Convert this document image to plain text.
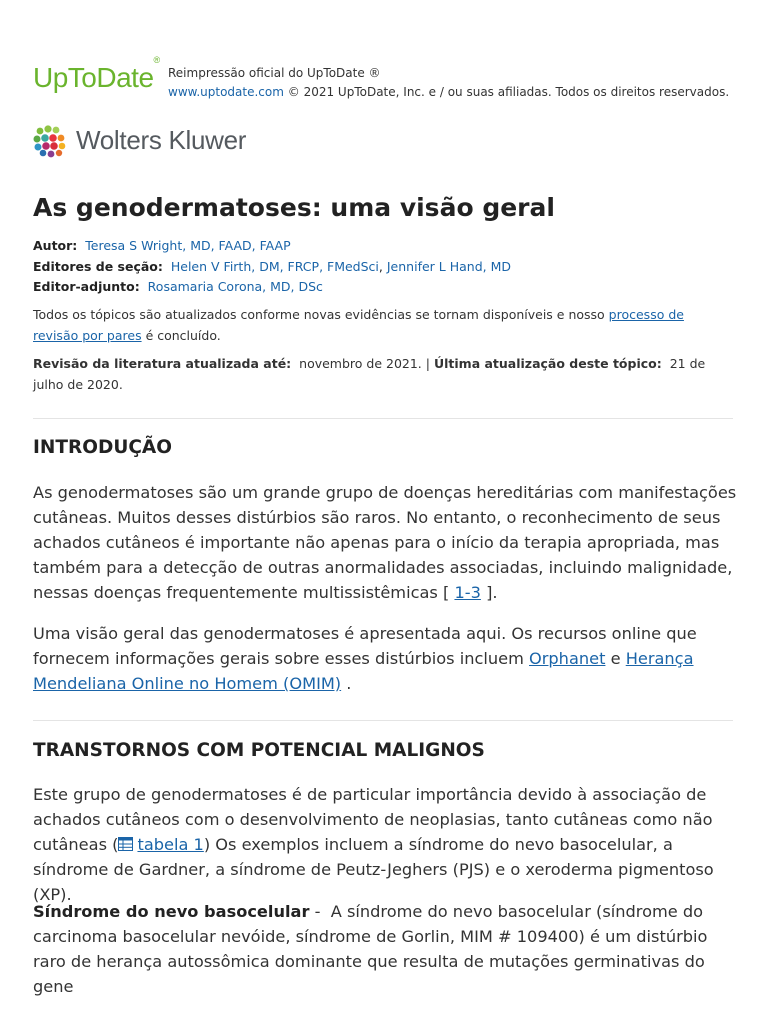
UpToDate®
Reimpressão oficial do UpToDate ®
www.uptodate.com © 2021 UpToDate, Inc. e / ou suas afiliadas. Todos os direitos reservados.
Wolters Kluwer
As genodermatoses: uma visão geral
Autor: Teresa S Wright, MD, FAAD, FAAP
Editores de seção: Helen V Firth, DM, FRCP, FMedSci, Jennifer L Hand, MD
Editor-adjunto: Rosamaria Corona, MD, DSc
Todos os tópicos são atualizados conforme novas evidências se tornam disponíveis e nosso processo de revisão por pares é concluído.
Revisão da literatura atualizada até: novembro de 2021. | Última atualização deste tópico: 21 de julho de 2020.
INTRODUÇÃO

As genodermatoses são um grande grupo de doenças hereditárias com manifestações cutâneas. Muitos desses distúrbios são raros. No entanto, o reconhecimento de seus achados cutâneos é importante não apenas para o início da terapia apropriada, mas também para a detecção de outras anormalidades associadas, incluindo malignidade, nessas doenças frequentemente multissistêmicas [ 1-3 ].

Uma visão geral das genodermatoses é apresentada aqui. Os recursos online que fornecem informações gerais sobre esses distúrbios incluem Orphanet e Herança Mendeliana Online no Homem (OMIM) .

TRANSTORNOS COM POTENCIAL MALIGNOS

Este grupo de genodermatoses é de particular importância devido à associação de achados cutâneos com o desenvolvimento de neoplasias, tanto cutâneas como não cutâneas ( tabela 1) Os exemplos incluem a síndrome do nevo basocelular, a síndrome de Gardner, a síndrome de Peutz-Jeghers (PJS) e o xeroderma pigmentoso (XP).

Síndrome do nevo basocelular -  A síndrome do nevo basocelular (síndrome do carcinoma basocelular nevóide, síndrome de Gorlin, MIM # 109400) é um distúrbio raro de herança autossômica dominante que resulta de mutações germinativas do gene
